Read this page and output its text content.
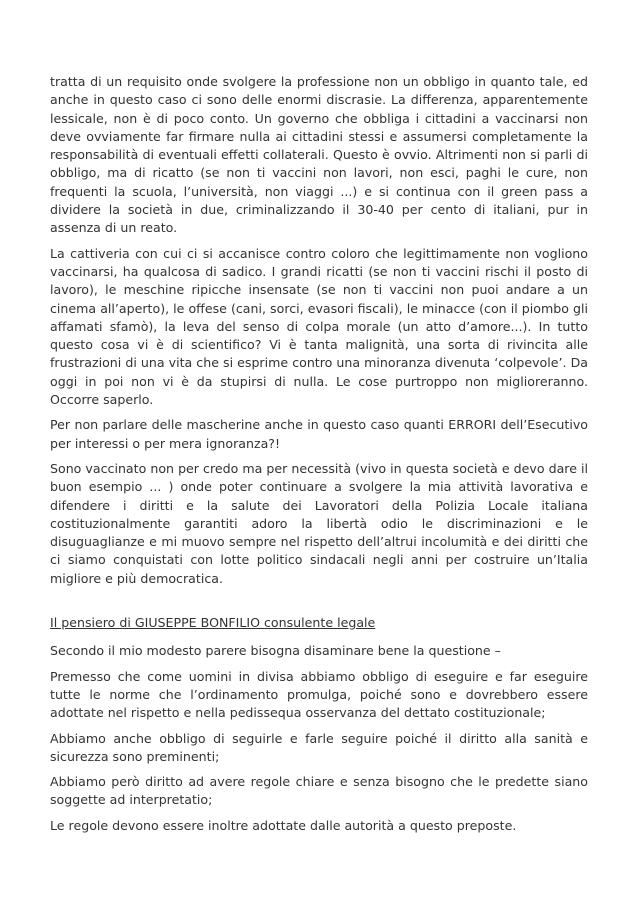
tratta di un requisito onde svolgere la professione non un obbligo in quanto tale, ed anche in questo caso ci sono delle enormi discrasie. La differenza, apparentemente lessicale, non è di poco conto. Un governo che obbliga i cittadini a vaccinarsi non deve ovviamente far firmare nulla ai cittadini stessi e assumersi completamente la responsabilità di eventuali effetti collaterali. Questo è ovvio. Altrimenti non si parli di obbligo, ma di ricatto (se non ti vaccini non lavori, non esci, paghi le cure, non frequenti la scuola, l’università, non viaggi ...) e si continua con il green pass a dividere la società in due, criminalizzando il 30-40 per cento di italiani, pur in assenza di un reato.

La cattiveria con cui ci si accanisce contro coloro che legittimamente non vogliono vaccinarsi, ha qualcosa di sadico. I grandi ricatti (se non ti vaccini rischi il posto di lavoro), le meschine ripicche insensate (se non ti vaccini non puoi andare a un cinema all’aperto), le offese (cani, sorci, evasori fiscali), le minacce (con il piombo gli affamati sfamò), la leva del senso di colpa morale (un atto d’amore...). In tutto questo cosa vi è di scientifico? Vi è tanta malignità, una sorta di rivincita alle frustrazioni di una vita che si esprime contro una minoranza divenuta ‘colpevole’. Da oggi in poi non vi è da stupirsi di nulla. Le cose purtroppo non miglioreranno. Occorre saperlo.

Per non parlare delle mascherine anche in questo caso quanti ERRORI dell’Esecutivo per interessi o per mera ignoranza?!

Sono vaccinato non per credo ma per necessità (vivo in questa società e devo dare il buon esempio ... ) onde poter continuare a svolgere la mia attività lavorativa e difendere i diritti e la salute dei Lavoratori della Polizia Locale italiana costituzionalmente garantiti adoro la libertà odio le discriminazioni e le disuguaglianze e mi muovo sempre nel rispetto dell’altrui incolumità e dei diritti che ci siamo conquistati con lotte politico sindacali negli anni per costruire un’Italia migliore e più democratica.

Il pensiero di GIUSEPPE BONFILIO consulente legale

Secondo il mio modesto parere bisogna disaminare bene la questione –

Premesso che come uomini in divisa abbiamo obbligo di eseguire e far eseguire tutte le norme che l’ordinamento promulga, poiché sono e dovrebbero essere adottate nel rispetto e nella pedissequa osservanza del dettato costituzionale;

Abbiamo anche obbligo di seguirle e farle seguire poiché il diritto alla sanità e sicurezza sono preminenti;

Abbiamo però diritto ad avere regole chiare e senza bisogno che le predette siano soggette ad interpretatio;

Le regole devono essere inoltre adottate dalle autorità a questo preposte.
